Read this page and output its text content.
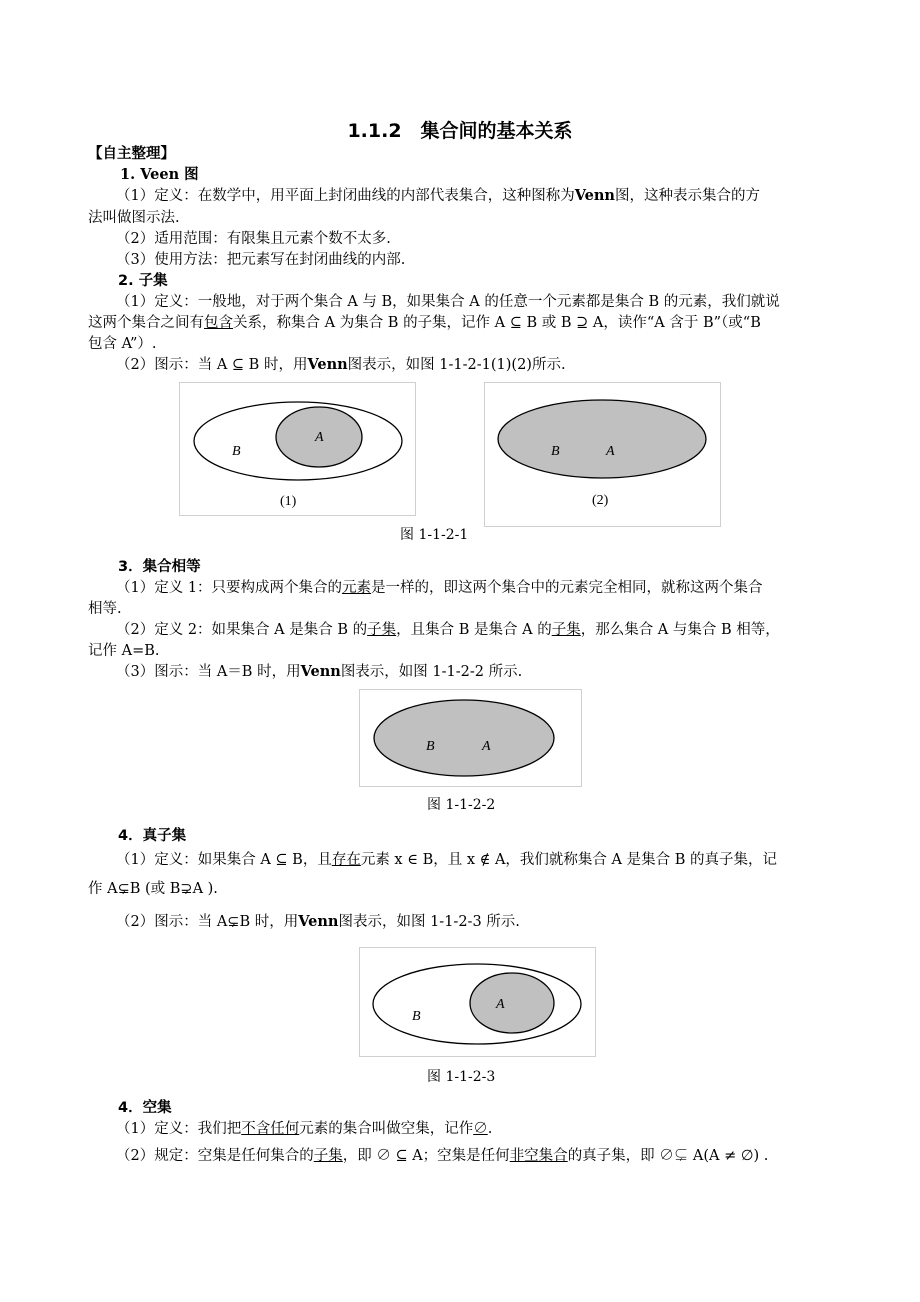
1.1.2　集合间的基本关系
【自主整理】
1. Veen 图
（1）定义：在数学中，用平面上封闭曲线的内部代表集合，这种图称为Venn图，这种表示集合的方
法叫做图示法.
（2）适用范围：有限集且元素个数不太多.
（3）使用方法：把元素写在封闭曲线的内部.
2. 子集
（1）定义：一般地，对于两个集合 A 与 B，如果集合 A 的任意一个元素都是集合 B 的元素，我们就说
这两个集合之间有包含关系，称集合 A 为集合 B 的子集，记作 A ⊆ B 或 B ⊇ A，读作“A 含于 B”（或“B
包含 A”）.
（2）图示：当 A ⊆ B 时，用Venn图表示，如图 1-1-2-1(1)(2)所示.
B
A
(1)
B	A
(2)
图 1-1-2-1
3．集合相等
（1）定义 1：只要构成两个集合的元素是一样的，即这两个集合中的元素完全相同，就称这两个集合
相等.
（2）定义 2：如果集合 A 是集合 B 的子集，且集合 B 是集合 A 的子集，那么集合 A 与集合 B 相等，
记作 A=B.
（3）图示：当 A＝B 时，用Venn图表示，如图 1-1-2-2 所示.
B	A
图 1-1-2-2
4．真子集
（1）定义：如果集合 A ⊆ B，且存在元素 x ∈ B，且 x ∉ A，我们就称集合 A 是集合 B 的真子集，记
作 A⊊B (或 B⊋A ).
（2）图示：当 A⊊B 时，用Venn图表示，如图 1-1-2-3 所示.
B
A
图 1-1-2-3
4．空集
（1）定义：我们把不含任何元素的集合叫做空集，记作∅.
（2）规定：空集是任何集合的子集，即 ∅ ⊆ A；空集是任何非空集合的真子集，即 ∅⊊ A(A ≠ ∅) .
